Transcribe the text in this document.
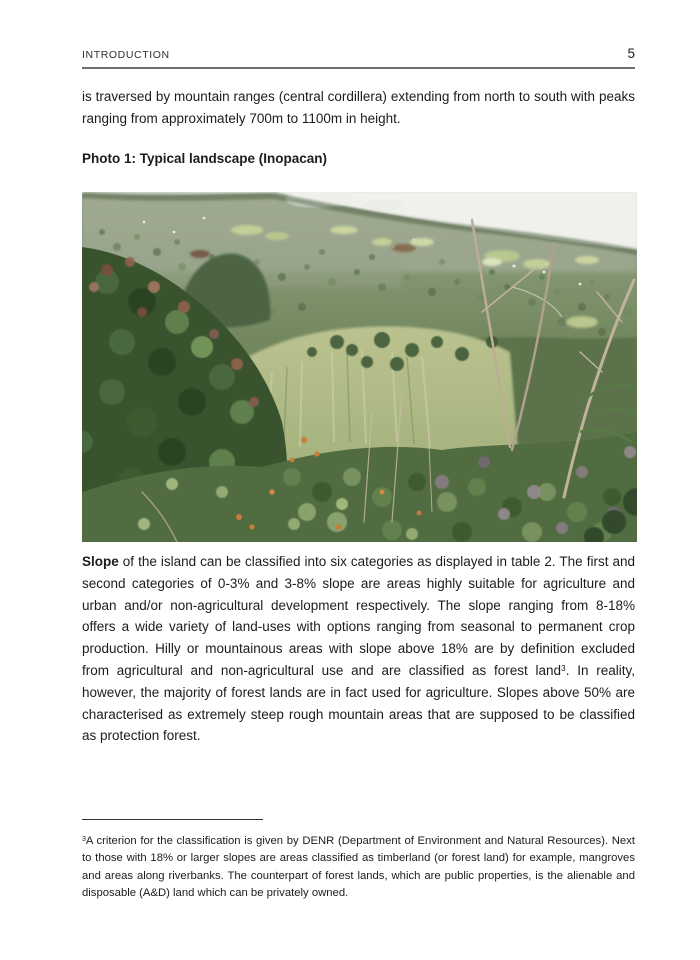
INTRODUCTION	5

is traversed by mountain ranges (central cordillera) extending from north to south with peaks ranging from approximately 700m to 1100m in height.

Photo 1: Typical landscape (Inopacan)

Slope of the island can be classified into six categories as displayed in table 2. The first and second categories of 0-3% and 3-8% slope are areas highly suitable for agriculture and urban and/or non-agricultural development respectively. The slope ranging from 8-18% offers a wide variety of land-uses with options ranging from seasonal to permanent crop production. Hilly or mountainous areas with slope above 18% are by definition excluded from agricultural and non-agricultural use and are classified as forest land$^3$. In reality, however, the majority of forest lands are in fact used for agriculture. Slopes above 50% are characterised as extremely steep rough mountain areas that are supposed to be classified as protection forest.

$^3$A criterion for the classification is given by DENR (Department of Environment and Natural Resources). Next to those with 18% or larger slopes are areas classified as timberland (or forest land) for example, mangroves and areas along riverbanks. The counterpart of forest lands, which are public properties, is the alienable and disposable (A&D) land which can be privately owned.
